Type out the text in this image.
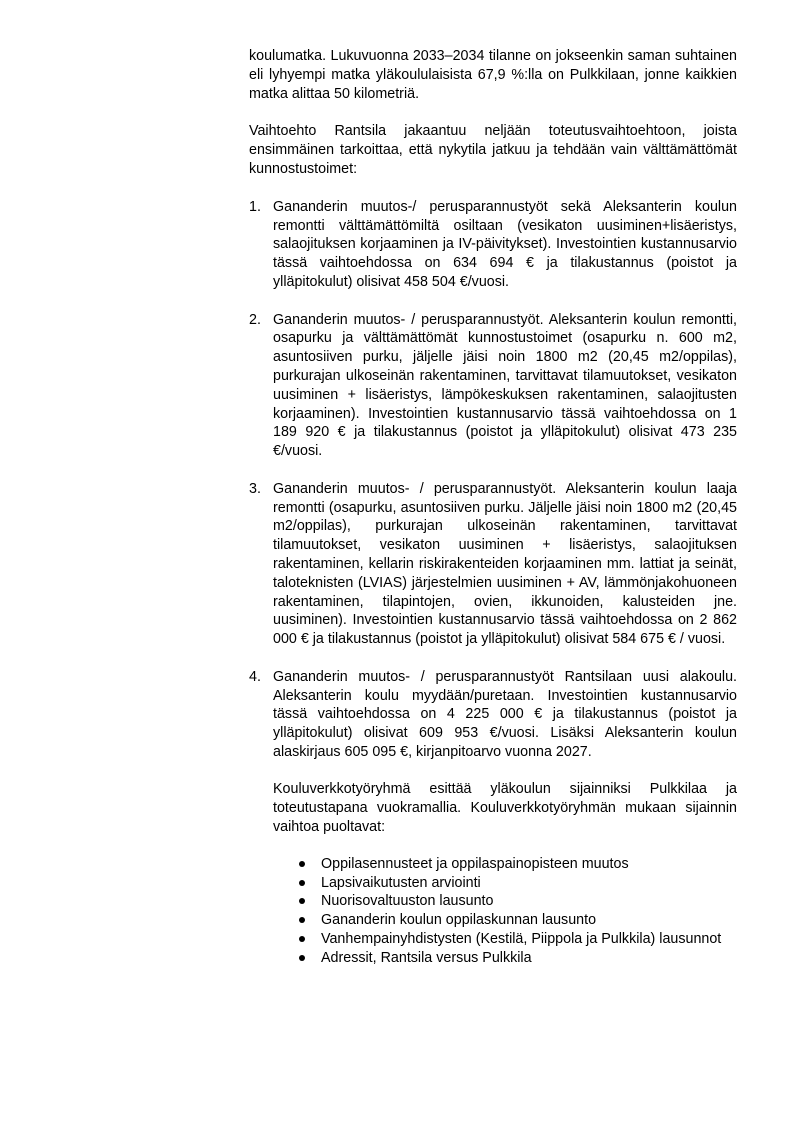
koulumatka. Lukuvuonna 2033–2034 tilanne on jokseenkin saman suhtainen eli lyhyempi matka yläkoululaisista 67,9 %:lla on Pulkkilaan, jonne kaikkien matka alittaa 50 kilometriä.

Vaihtoehto Rantsila jakaantuu neljään toteutusvaihtoehtoon, joista ensimmäinen tarkoittaa, että nykytila jatkuu ja tehdään vain välttämättömät kunnostustoimet:

1. Gananderin muutos-/ perusparannustyöt sekä Aleksanterin koulun remontti välttämättömiltä osiltaan (vesikaton uusiminen+lisäeristys, salaojituksen korjaaminen ja IV-päivitykset). Investointien kustannusarvio tässä vaihtoehdossa on 634 694 € ja tilakustannus (poistot ja ylläpitokulut) olisivat 458 504 €/vuosi.
2. Gananderin muutos- / perusparannustyöt. Aleksanterin koulun remontti, osapurku ja välttämättömät kunnostustoimet (osapurku n. 600 m2, asuntosiiven purku, jäljelle jäisi noin 1800 m2 (20,45 m2/oppilas), purkurajan ulkoseinän rakentaminen, tarvittavat tilamuutokset, vesikaton uusiminen + lisäeristys, lämpökeskuksen rakentaminen, salaojitusten korjaaminen). Investointien kustannusarvio tässä vaihtoehdossa on 1 189 920 € ja tilakustannus (poistot ja ylläpitokulut) olisivat 473 235 €/vuosi.
3. Gananderin muutos- / perusparannustyöt. Aleksanterin koulun laaja remontti (osapurku, asuntosiiven purku. Jäljelle jäisi noin 1800 m2 (20,45 m2/oppilas), purkurajan ulkoseinän rakentaminen, tarvittavat tilamuutokset, vesikaton uusiminen + lisäeristys, salaojituksen rakentaminen, kellarin riskirakenteiden korjaaminen mm. lattiat ja seinät, taloteknisten (LVIAS) järjestelmien uusiminen + AV, lämmönjakohuoneen rakentaminen, tilapintojen, ovien, ikkunoiden, kalusteiden jne. uusiminen). Investointien kustannusarvio tässä vaihtoehdossa on 2 862 000 € ja tilakustannus (poistot ja ylläpitokulut) olisivat 584 675 € / vuosi.
4. Gananderin muutos- / perusparannustyöt Rantsilaan uusi alakoulu. Aleksanterin koulu myydään/puretaan. Investointien kustannusarvio tässä vaihtoehdossa on 4 225 000 € ja tilakustannus (poistot ja ylläpitokulut) olisivat 609 953 €/vuosi. Lisäksi Aleksanterin koulun alaskirjaus 605 095 €, kirjanpitoarvo vuonna 2027.

Kouluverkkotyöryhmä esittää yläkoulun sijainniksi Pulkkilaa ja toteutustapana vuokramallia. Kouluverkkotyöryhmän mukaan sijainnin vaihtoa puoltavat:

Oppilasennusteet ja oppilaspainopisteen muutos
Lapsivaikutusten arviointi
Nuorisovaltuuston lausunto
Gananderin koulun oppilaskunnan lausunto
Vanhempainyhdistysten (Kestilä, Piippola ja Pulkkila) lausunnot
Adressit, Rantsila versus Pulkkila
